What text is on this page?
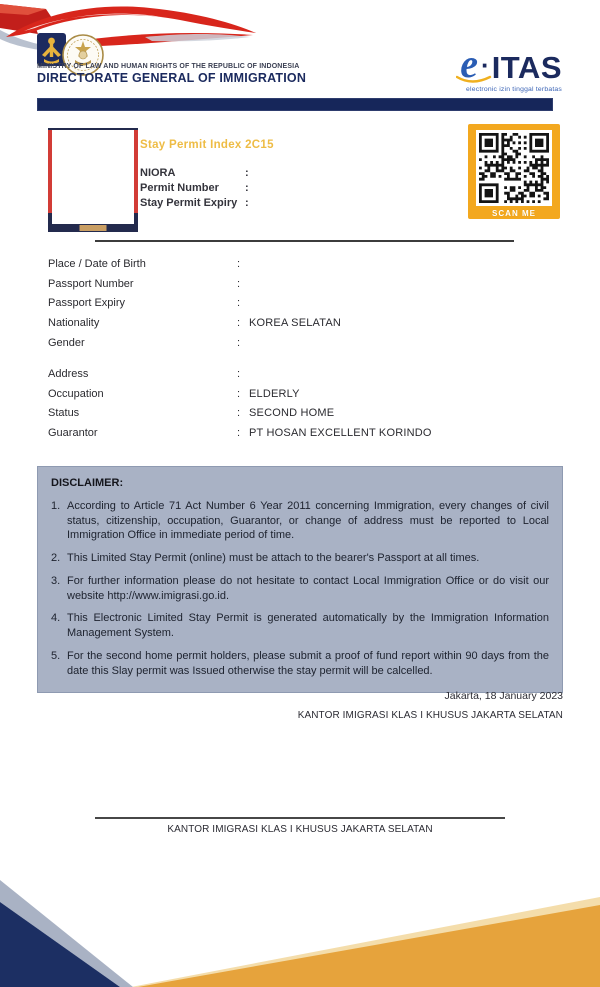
MINISTRY OF LAW AND HUMAN RIGHTS OF THE REPUBLIC OF INDONESIA
DIRECTORATE GENERAL OF IMMIGRATION	e · ITAS
electronic izin tinggal terbatas
Stay Permit Index 2C15
NIORA	:
Permit Number	:
Stay Permit Expiry :
SCAN ME
Place / Date of Birth	:
Passport Number	:
Passport Expiry	:
Nationality	: KOREA SELATAN
Gender	:
Address	:
Occupation	: ELDERLY
Status	: SECOND HOME
Guarantor	: PT HOSAN EXCELLENT KORINDO
DISCLAIMER:
1. According to Article 71 Act Number 6 Year 2011 concerning Immigration, every changes of civil status, citizenship, occupation, Guarantor, or change of address must be reported to Local Immigration Office in immediate period of time.
2. This Limited Stay Permit (online) must be attach to the bearer's Passport at all times.
3. For further information please do not hesitate to contact Local Immigration Office or do visit our website http://www.imigrasi.go.id.
4. This Electronic Limited Stay Permit is generated automatically by the Immigration Information Management System.
5. For the second home permit holders, please submit a proof of fund report within 90 days from the date this Slay permit was Issued otherwise the stay permit will be calcelled.
Jakarta, 18 January 2023
KANTOR IMIGRASI KLAS I KHUSUS JAKARTA SELATAN
KANTOR IMIGRASI KLAS I KHUSUS JAKARTA SELATAN
